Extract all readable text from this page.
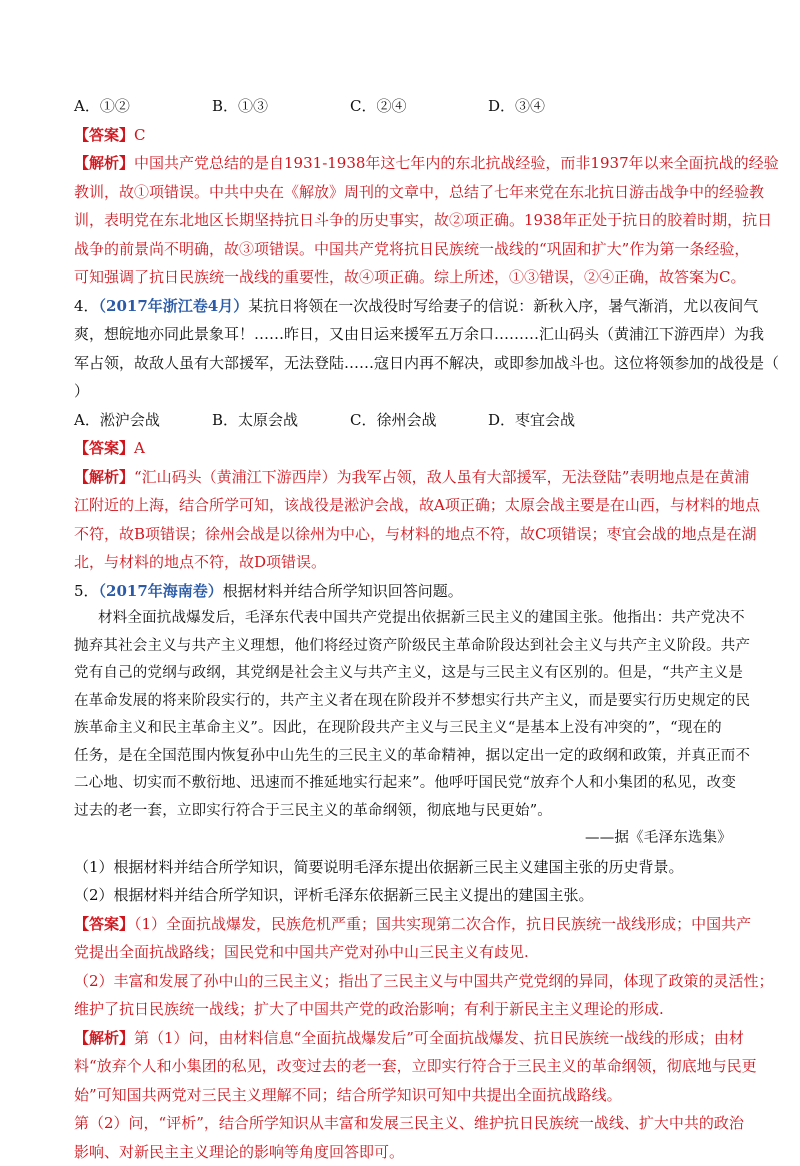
A．①②	B．①③	C．②④	D．③④
【答案】C
【解析】中国共产党总结的是自1931-1938年这七年内的东北抗战经验，而非1937年以来全面抗战的经验
教训，故①项错误。中共中央在《解放》周刊的文章中，总结了七年来党在东北抗日游击战争中的经验教
训，表明党在东北地区长期坚持抗日斗争的历史事实，故②项正确。1938年正处于抗日的胶着时期，抗日
战争的前景尚不明确，故③项错误。中国共产党将抗日民族统一战线的“巩固和扩大”作为第一条经验，
可知强调了抗日民族统一战线的重要性，故④项正确。综上所述，①③错误，②④正确，故答案为C。
4．（2017年浙江卷4月）某抗日将领在一次战役时写给妻子的信说：新秋入序，暑气渐消，尤以夜间气
爽，想皖地亦同此景象耳！……昨日，又由日运来援军五万余口………汇山码头（黄浦江下游西岸）为我
军占领，故敌人虽有大部援军，无法登陆……寇日内再不解决，或即参加战斗也。这位将领参加的战役是（
）
A．淞沪会战	B．太原会战	C．徐州会战	D．枣宜会战
【答案】A
【解析】“汇山码头（黄浦江下游西岸）为我军占领，敌人虽有大部援军，无法登陆”表明地点是在黄浦
江附近的上海，结合所学可知，该战役是淞沪会战，故A项正确；太原会战主要是在山西，与材料的地点
不符，故B项错误；徐州会战是以徐州为中心，与材料的地点不符，故C项错误；枣宜会战的地点是在湖
北，与材料的地点不符，故D项错误。
5．（2017年海南卷）根据材料并结合所学知识回答问题。
材料全面抗战爆发后，毛泽东代表中国共产党提出依据新三民主义的建国主张。他指出：共产党决不
抛弃其社会主义与共产主义理想，他们将经过资产阶级民主革命阶段达到社会主义与共产主义阶段。共产
党有自己的党纲与政纲，其党纲是社会主义与共产主义，这是与三民主义有区别的。但是，“共产主义是
在革命发展的将来阶段实行的，共产主义者在现在阶段并不梦想实行共产主义，而是要实行历史规定的民
族革命主义和民主革命主义”。因此，在现阶段共产主义与三民主义“是基本上没有冲突的”，“现在的
任务，是在全国范围内恢复孙中山先生的三民主义的革命精神，据以定出一定的政纲和政策，并真正而不
二心地、切实而不敷衍地、迅速而不推延地实行起来”。他呼吁国民党“放弃个人和小集团的私见，改变
过去的老一套，立即实行符合于三民主义的革命纲领，彻底地与民更始”。
——据《毛泽东选集》
（1）根据材料并结合所学知识，简要说明毛泽东提出依据新三民主义建国主张的历史背景。
（2）根据材料并结合所学知识，评析毛泽东依据新三民主义提出的建国主张。
【答案】（1）全面抗战爆发，民族危机严重；国共实现第二次合作，抗日民族统一战线形成；中国共产
党提出全面抗战路线；国民党和中国共产党对孙中山三民主义有歧见.
（2）丰富和发展了孙中山的三民主义；指出了三民主义与中国共产党党纲的异同，体现了政策的灵活性；
维护了抗日民族统一战线；扩大了中国共产党的政治影响；有利于新民主主义理论的形成.
【解析】第（1）问，由材料信息“全面抗战爆发后”可全面抗战爆发、抗日民族统一战线的形成；由材
料“放弃个人和小集团的私见，改变过去的老一套，立即实行符合于三民主义的革命纲领，彻底地与民更
始”可知国共两党对三民主义理解不同；结合所学知识可知中共提出全面抗战路线。
第（2）问，“评析”，结合所学知识从丰富和发展三民主义、维护抗日民族统一战线、扩大中共的政治
影响、对新民主主义理论的影响等角度回答即可。
